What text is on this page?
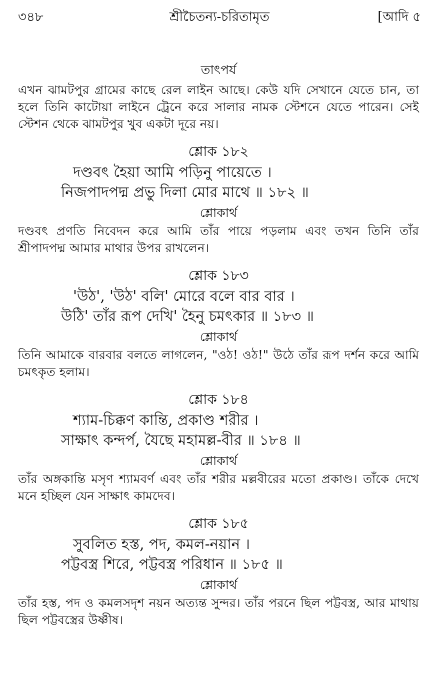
৩৪৮	শ্রীচৈতন্য-চরিতামৃত	[আদি ৫
তাৎপর্য
এখন ঝামটপুর গ্রামের কাছে রেল লাইন আছে। কেউ যদি সেখানে যেতে চান, তা হলে তিনি কাটোয়া লাইনে ট্রেনে করে সালার নামক স্টেশনে যেতে পারেন। সেই স্টেশন থেকে ঝামটপুর খুব একটা দূরে নয়।
শ্লোক ১৮২
দণ্ডবৎ হৈয়া আমি পড়িনু পায়েতে ।
নিজপাদপদ্ম প্রভু দিলা মোর মাথে ॥ ১৮২ ॥
শ্লোকার্থ
দণ্ডবৎ প্রণতি নিবেদন করে আমি তাঁর পায়ে পড়লাম এবং তখন তিনি তাঁর শ্রীপাদপদ্ম আমার মাথার উপর রাখলেন।
শ্লোক ১৮৩
'উঠ', 'উঠ' বলি' মোরে বলে বার বার ।
উঠি' তাঁর রূপ দেখি' হৈনু চমৎকার ॥ ১৮৩ ॥
শ্লোকার্থ
তিনি আমাকে বারবার বলতে লাগলেন, "ওঠ! ওঠ!" উঠে তাঁর রূপ দর্শন করে আমি চমৎকৃত হলাম।
শ্লোক ১৮৪
শ্যাম-চিক্কণ কান্তি, প্রকাণ্ড শরীর ।
সাক্ষাৎ কন্দর্প, যৈছে মহামল্ল-বীর ॥ ১৮৪ ॥
শ্লোকার্থ
তাঁর অঙ্গকান্তি মসৃণ শ্যামবর্ণ এবং তাঁর শরীর মল্লবীরের মতো প্রকাণ্ড। তাঁকে দেখে মনে হচ্ছিল যেন সাক্ষাৎ কামদেব।
শ্লোক ১৮৫
সুবলিত হস্ত, পদ, কমল-নয়ান ।
পট্টবস্ত্র শিরে, পট্টবস্ত্র পরিধান ॥ ১৮৫ ॥
শ্লোকার্থ
তাঁর হস্ত, পদ ও কমলসদৃশ নয়ন অত্যন্ত সুন্দর। তাঁর পরনে ছিল পট্টবস্ত্র, আর মাথায় ছিল পট্টবস্ত্রের উষ্ণীষ।
